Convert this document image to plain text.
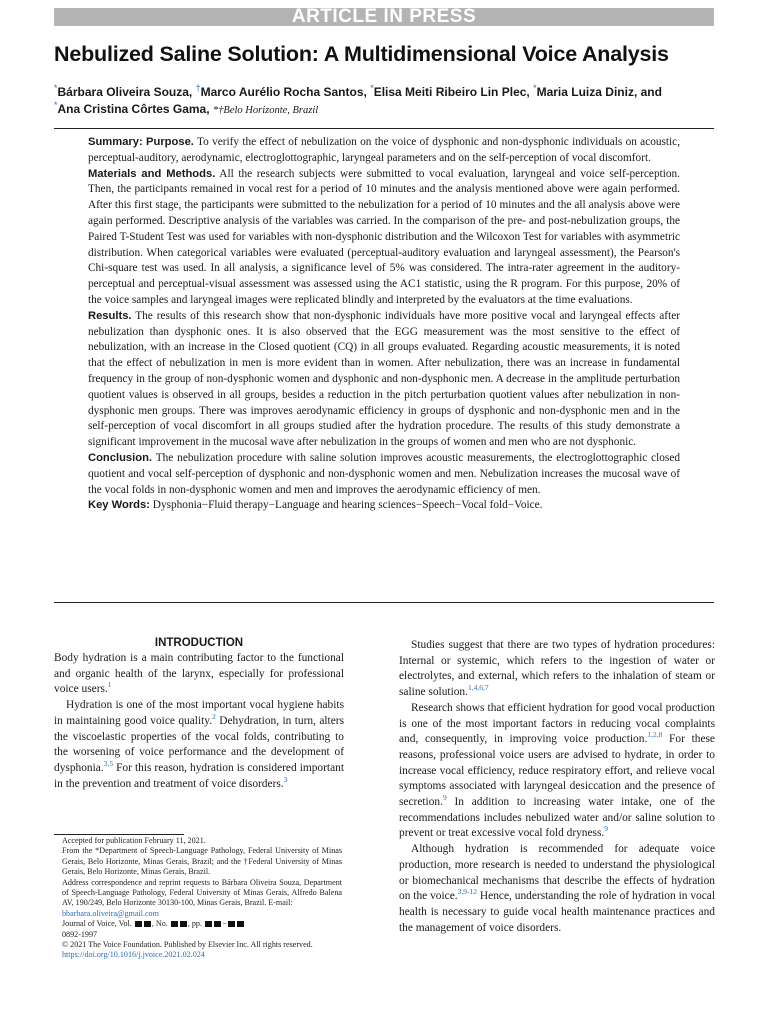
ARTICLE IN PRESS
Nebulized Saline Solution: A Multidimensional Voice Analysis
*Bárbara Oliveira Souza, †Marco Aurélio Rocha Santos, *Elisa Meiti Ribeiro Lin Plec, *Maria Luiza Diniz, and
*Ana Cristina Côrtes Gama, *†Belo Horizonte, Brazil

Summary: Purpose. To verify the effect of nebulization on the voice of dysphonic and non-dysphonic individuals on acoustic, perceptual-auditory, aerodynamic, electroglottographic, laryngeal parameters and on the self-perception of vocal discomfort.

Materials and Methods. All the research subjects were submitted to vocal evaluation, laryngeal and voice self-perception. Then, the participants remained in vocal rest for a period of 10 minutes and the analysis mentioned above were again performed. After this first stage, the participants were submitted to the nebulization for a period of 10 minutes and the all analysis above were again performed. Descriptive analysis of the variables was carried. In the comparison of the pre- and post-nebulization groups, the Paired T-Student Test was used for variables with non-dysphonic distribution and the Wilcoxon Test for variables with asymmetric distribution. When categorical variables were evaluated (perceptual-auditory evaluation and laryngeal assessment), the Pearson's Chi-square test was used. In all analysis, a significance level of 5% was considered. The intra-rater agreement in the auditory-perceptual and perceptual-visual assessment was assessed using the AC1 statistic, using the R program. For this purpose, 20% of the voice samples and laryngeal images were replicated blindly and interpreted by the evaluators at the time evaluations.

Results. The results of this research show that non-dysphonic individuals have more positive vocal and laryngeal effects after nebulization than dysphonic ones. It is also observed that the EGG measurement was the most sensitive to the effect of nebulization, with an increase in the Closed quotient (CQ) in all groups evaluated. Regarding acoustic measurements, it is noted that the effect of nebulization in men is more evident than in women. After nebulization, there was an increase in fundamental frequency in the group of non-dysphonic women and dysphonic and non-dysphonic men. A decrease in the amplitude perturbation quotient values is observed in all groups, besides a reduction in the pitch perturbation quotient values after nebulization in non-dysphonic men groups. There was improves aerodynamic efficiency in groups of dysphonic and non-dysphonic men and in the self-perception of vocal discomfort in all groups studied after the hydration procedure. The results of this study demonstrate a significant improvement in the mucosal wave after nebulization in the groups of women and men who are not dysphonic.

Conclusion. The nebulization procedure with saline solution improves acoustic measurements, the electroglottographic closed quotient and vocal self-perception of dysphonic and non-dysphonic women and men. Nebulization increases the mucosal wave of the vocal folds in non-dysphonic women and men and improves the aerodynamic efficiency of men.

Key Words: Dysphonia−Fluid therapy−Language and hearing sciences−Speech−Vocal fold−Voice.

INTRODUCTION

Body hydration is a main contributing factor to the functional and organic health of the larynx, especially for professional voice users.$^1$

Hydration is one of the most important vocal hygiene habits in maintaining good voice quality.$^2$ Dehydration, in turn, alters the viscoelastic properties of the vocal folds, contributing to the worsening of voice performance and the development of dysphonia.$^{3,5}$ For this reason, hydration is considered important in the prevention and treatment of voice disorders.$^3$

Studies suggest that there are two types of hydration procedures: Internal or systemic, which refers to the ingestion of water or electrolytes, and external, which refers to the inhalation of steam or saline solution.$^{1,4,6,7}$

Research shows that efficient hydration for good vocal production is one of the most important factors in reducing vocal complaints and, consequently, in improving voice production.$^{1,2,8}$ For these reasons, professional voice users are advised to hydrate, in order to increase vocal efficiency, reduce respiratory effort, and relieve vocal symptoms associated with laryngeal desiccation and the presence of secretion.$^9$ In addition to increasing water intake, one of the recommendations includes nebulized water and/or saline solution to prevent or treat excessive vocal fold dryness.$^9$

Although hydration is recommended for adequate voice production, more research is needed to understand the physiological or biomechanical mechanisms that describe the effects of hydration on the voice.$^{3,9-12}$ Hence, understanding the role of hydration in vocal health is necessary to guide vocal health maintenance practices and the management of voice disorders.

Accepted for publication February 11, 2021.

From the *Department of Speech-Language Pathology, Federal University of Minas Gerais, Belo Horizonte, Minas Gerais, Brazil; and the †Federal University of Minas Gerais, Belo Horizonte, Minas Gerais, Brazil.

Address correspondence and reprint requests to Bárbara Oliveira Souza, Department of Speech-Language Pathology, Federal University of Minas Gerais, Alfredo Balena AV, 190/249, Belo Horizonte 30130-100, Minas Gerais, Brazil. E-mail:
bbarbara.oliveira@gmail.com

Journal of Voice, Vol. , No. , pp. −

0892-1997

© 2021 The Voice Foundation. Published by Elsevier Inc. All rights reserved.

https://doi.org/10.1016/j.jvoice.2021.02.024
